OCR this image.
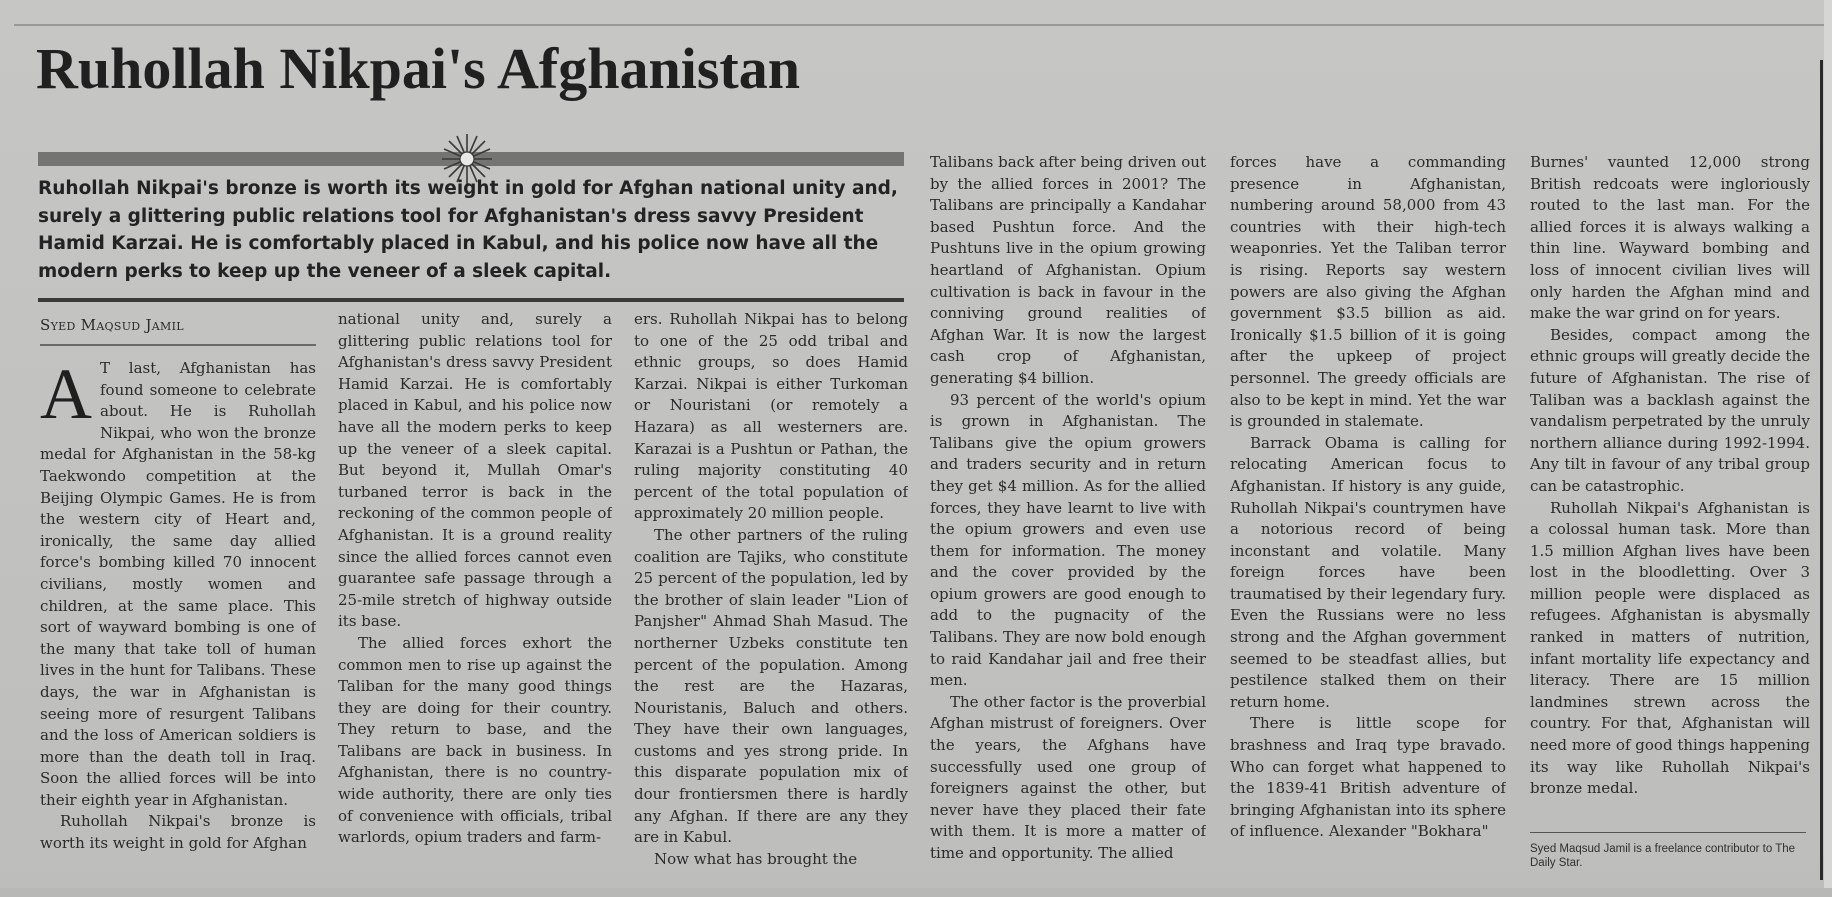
Ruhollah Nikpai's Afghanistan

Ruhollah Nikpai's bronze is worth its weight in gold for Afghan national unity and, surely a glittering public relations tool for Afghanistan's dress savvy President Hamid Karzai. He is comfortably placed in Kabul, and his police now have all the modern perks to keep up the veneer of a sleek capital.

Syed Maqsud Jamil

A T last, Afghanistan has found someone to celebrate about. He is Ruhollah Nikpai, who won the bronze medal for Afghanistan in the 58-kg Taekwondo competition at the Beijing Olympic Games. He is from the western city of Heart and, ironically, the same day allied force's bombing killed 70 innocent civilians, mostly women and children, at the same place. This sort of wayward bombing is one of the many that take toll of human lives in the hunt for Talibans. These days, the war in Afghanistan is seeing more of resurgent Talibans and the loss of American soldiers is more than the death toll in Iraq. Soon the allied forces will be into their eighth year in Afghanistan.

Ruhollah Nikpai's bronze is worth its weight in gold for Afghan

national unity and, surely a glittering public relations tool for Afghanistan's dress savvy President Hamid Karzai. He is comfortably placed in Kabul, and his police now have all the modern perks to keep up the veneer of a sleek capital. But beyond it, Mullah Omar's turbaned terror is back in the reckoning of the common people of Afghanistan. It is a ground reality since the allied forces cannot even guarantee safe passage through a 25-mile stretch of highway outside its base.

The allied forces exhort the common men to rise up against the Taliban for the many good things they are doing for their country. They return to base, and the Talibans are back in business. In Afghanistan, there is no country-wide authority, there are only ties of convenience with officials, tribal warlords, opium traders and farm-

ers. Ruhollah Nikpai has to belong to one of the 25 odd tribal and ethnic groups, so does Hamid Karzai. Nikpai is either Turkoman or Nouristani (or remotely a Hazara) as all westerners are. Karazai is a Pushtun or Pathan, the ruling majority constituting 40 percent of the total population of approximately 20 million people.

The other partners of the ruling coalition are Tajiks, who constitute 25 percent of the population, led by the brother of slain leader "Lion of Panjsher" Ahmad Shah Masud. The northerner Uzbeks constitute ten percent of the population. Among the rest are the Hazaras, Nouristanis, Baluch and others. They have their own languages, customs and yes strong pride. In this disparate population mix of dour frontiersmen there is hardly any Afghan. If there are any they are in Kabul.

Now what has brought the

Talibans back after being driven out by the allied forces in 2001? The Talibans are principally a Kandahar based Pushtun force. And the Pushtuns live in the opium growing heartland of Afghanistan. Opium cultivation is back in favour in the conniving ground realities of Afghan War. It is now the largest cash crop of Afghanistan, generating $4 billion.

93 percent of the world's opium is grown in Afghanistan. The Talibans give the opium growers and traders security and in return they get $4 million. As for the allied forces, they have learnt to live with the opium growers and even use them for information. The money and the cover provided by the opium growers are good enough to add to the pugnacity of the Talibans. They are now bold enough to raid Kandahar jail and free their men.

The other factor is the proverbial Afghan mistrust of foreigners. Over the years, the Afghans have successfully used one group of foreigners against the other, but never have they placed their fate with them. It is more a matter of time and opportunity. The allied

forces have a commanding presence in Afghanistan, numbering around 58,000 from 43 countries with their high-tech weaponries. Yet the Taliban terror is rising. Reports say western powers are also giving the Afghan government $3.5 billion as aid. Ironically $1.5 billion of it is going after the upkeep of project personnel. The greedy officials are also to be kept in mind. Yet the war is grounded in stalemate.

Barrack Obama is calling for relocating American focus to Afghanistan. If history is any guide, Ruhollah Nikpai's countrymen have a notorious record of being inconstant and volatile. Many foreign forces have been traumatised by their legendary fury. Even the Russians were no less strong and the Afghan government seemed to be steadfast allies, but pestilence stalked them on their return home.

There is little scope for brashness and Iraq type bravado. Who can forget what happened to the 1839-41 British adventure of bringing Afghanistan into its sphere of influence. Alexander "Bokhara"

Burnes' vaunted 12,000 strong British redcoats were ingloriously routed to the last man. For the allied forces it is always walking a thin line. Wayward bombing and loss of innocent civilian lives will only harden the Afghan mind and make the war grind on for years.

Besides, compact among the ethnic groups will greatly decide the future of Afghanistan. The rise of Taliban was a backlash against the vandalism perpetrated by the unruly northern alliance during 1992-1994. Any tilt in favour of any tribal group can be catastrophic.

Ruhollah Nikpai's Afghanistan is a colossal human task. More than 1.5 million Afghan lives have been lost in the bloodletting. Over 3 million people were displaced as refugees. Afghanistan is abysmally ranked in matters of nutrition, infant mortality life expectancy and literacy. There are 15 million landmines strewn across the country. For that, Afghanistan will need more of good things happening its way like Ruhollah Nikpai's bronze medal.

Syed Maqsud Jamil is a freelance contributor to The Daily Star.
